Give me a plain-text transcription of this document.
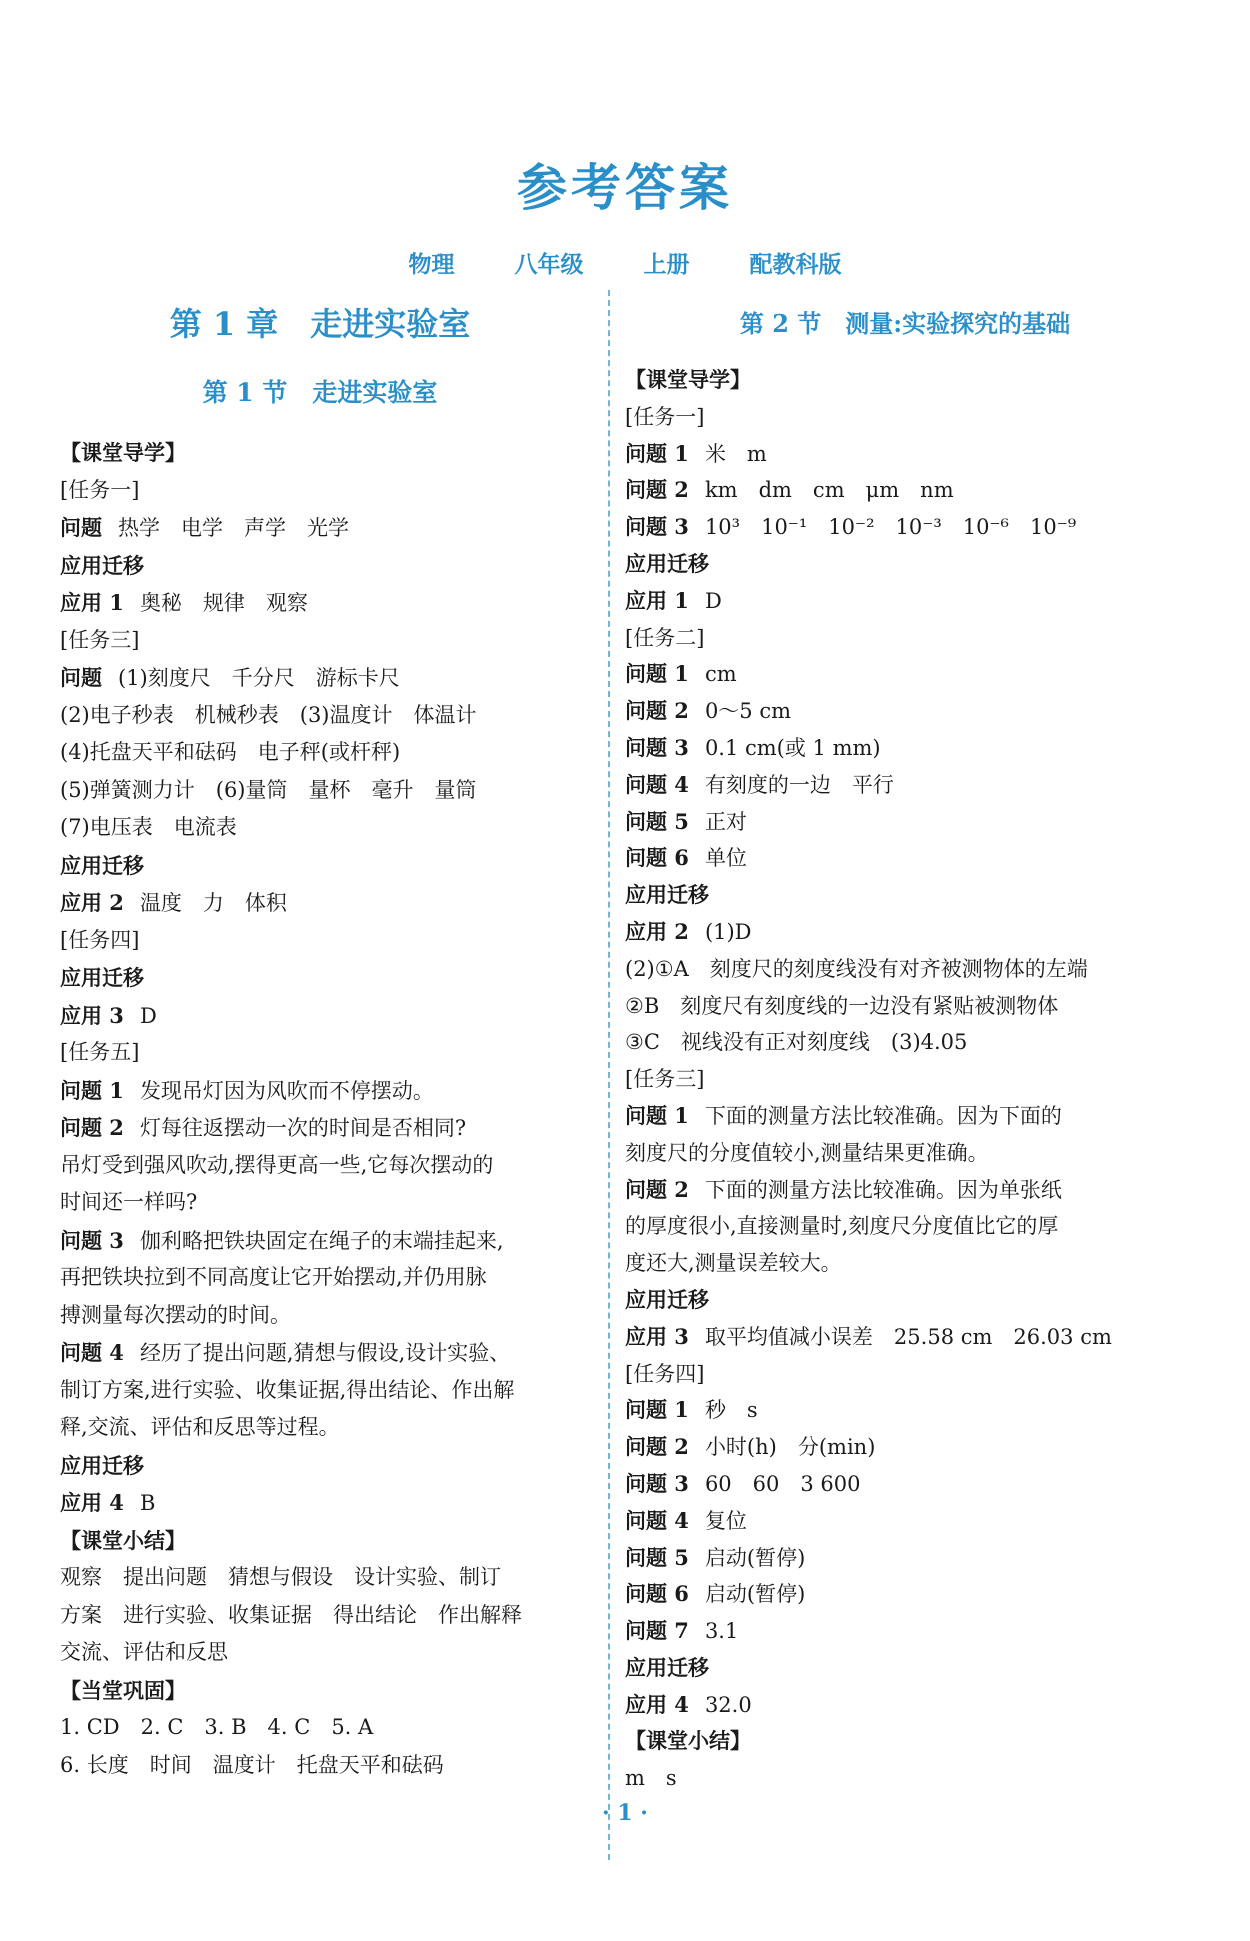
参考答案
物理	八年级	上册	配教科版
第 1 章　走进实验室
第 1 节　走进实验室
【课堂导学】
[任务一]
问题 热学　电学　声学　光学
应用迁移
应用 1 奥秘　规律　观察
[任务三]
问题 (1)刻度尺　千分尺　游标卡尺
(2)电子秒表　机械秒表　(3)温度计　体温计
(4)托盘天平和砝码　电子秤(或杆秤)
(5)弹簧测力计　(6)量筒　量杯　毫升　量筒
(7)电压表　电流表
应用迁移
应用 2 温度　力　体积
[任务四]
应用迁移
应用 3 D
[任务五]
问题 1 发现吊灯因为风吹而不停摆动。
问题 2 灯每往返摆动一次的时间是否相同?
吊灯受到强风吹动,摆得更高一些,它每次摆动的
时间还一样吗?
问题 3 伽利略把铁块固定在绳子的末端挂起来,
再把铁块拉到不同高度让它开始摆动,并仍用脉
搏测量每次摆动的时间。
问题 4 经历了提出问题,猜想与假设,设计实验、
制订方案,进行实验、收集证据,得出结论、作出解
释,交流、评估和反思等过程。
应用迁移
应用 4 B
【课堂小结】
观察　提出问题　猜想与假设　设计实验、制订
方案　进行实验、收集证据　得出结论　作出解释
交流、评估和反思
【当堂巩固】
1. CD　2. C　3. B　4. C　5. A
6. 长度　时间　温度计　托盘天平和砝码
第 2 节　测量:实验探究的基础
【课堂导学】
[任务一]
问题 1 米　m
问题 2 km　dm　cm　μm　nm
问题 3 10³　10⁻¹　10⁻²　10⁻³　10⁻⁶　10⁻⁹
应用迁移
应用 1 D
[任务二]
问题 1 cm
问题 2 0～5 cm
问题 3 0.1 cm(或 1 mm)
问题 4 有刻度的一边　平行
问题 5 正对
问题 6 单位
应用迁移
应用 2 (1)D
(2)①A　刻度尺的刻度线没有对齐被测物体的左端
②B　刻度尺有刻度线的一边没有紧贴被测物体
③C　视线没有正对刻度线　(3)4.05
[任务三]
问题 1 下面的测量方法比较准确。因为下面的
刻度尺的分度值较小,测量结果更准确。
问题 2 下面的测量方法比较准确。因为单张纸
的厚度很小,直接测量时,刻度尺分度值比它的厚
度还大,测量误差较大。
应用迁移
应用 3 取平均值减小误差　25.58 cm　26.03 cm
[任务四]
问题 1 秒　s
问题 2 小时(h)　分(min)
问题 3 60　60　3 600
问题 4 复位
问题 5 启动(暂停)
问题 6 启动(暂停)
问题 7 3.1
应用迁移
应用 4 32.0
【课堂小结】
m　s
· 1 ·
